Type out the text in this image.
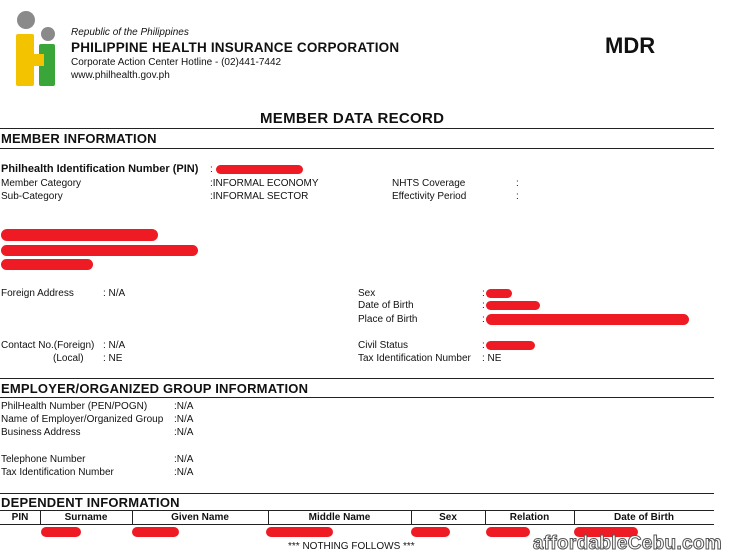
Republic of the Philippines
PHILIPPINE HEALTH INSURANCE CORPORATION
Corporate Action Center Hotline - (02)441-7442
www.philhealth.gov.ph
MDR
MEMBER DATA RECORD
MEMBER INFORMATION
Philhealth Identification Number (PIN) :
Member Category	:INFORMAL ECONOMY	NHTS Coverage	:
Sub-Category	:INFORMAL SECTOR	Effectivity Period	:
Foreign Address	: N/A	Sex	:
Date of Birth	:
Place of Birth	:
Contact No.(Foreign) : N/A
(Local) : NE
Civil Status	:
Tax Identification Number : NE
EMPLOYER/ORGANIZED GROUP INFORMATION
PhilHealth Number (PEN/POGN)	:N/A
Name of Employer/Organized Group :N/A
Business Address	:N/A
Telephone Number	:N/A
Tax Identification Number	:N/A
DEPENDENT INFORMATION
PIN	Surname	Given Name	Middle Name	Sex	Relation	Date of Birth
*** NOTHING FOLLOWS ***	affordableCebu.com
